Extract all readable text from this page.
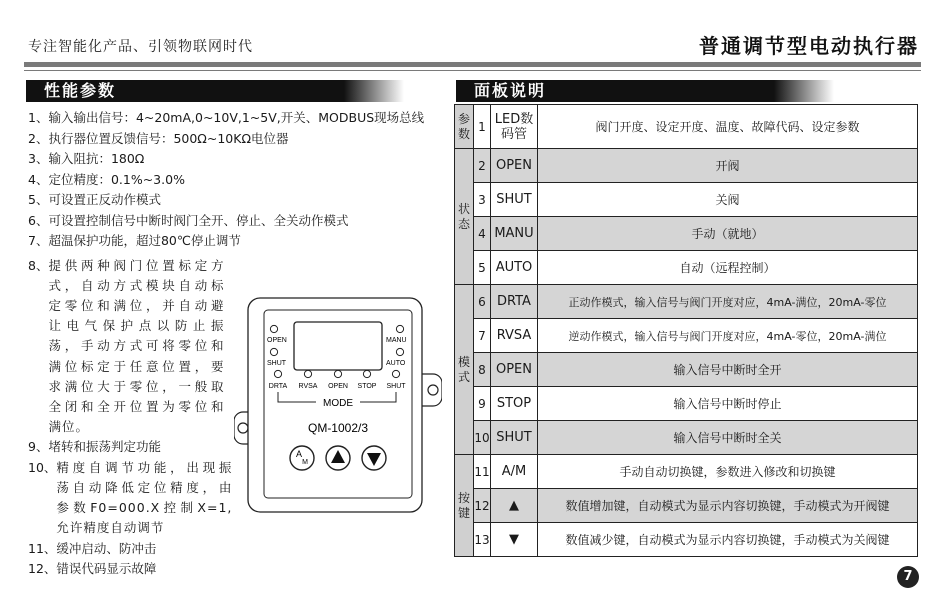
专注智能化产品、引领物联网时代	普通调节型电动执行器
性能参数	面板说明
1、输入输出信号：4~20mA,0~10V,1~5V,开关、MODBUS现场总线
2、执行器位置反馈信号：500Ω~10KΩ电位器
3、输入阻抗：180Ω
4、定位精度：0.1%~3.0%
5、可设置正反动作模式
6、可设置控制信号中断时阀门全开、停止、全关动作模式
7、超温保护功能，超过80℃停止调节
8、 提供两种阀门位置标定方
式，自动方式模块自动标
定零位和满位，并自动避
让电气保护点以防止振
荡，手动方式可将零位和
满位标定于任意位置，要
求满位大于零位，一般取
全闭和全开位置为零位和
满位。
9、堵转和振荡判定功能
10、 精度自调节功能，出现振
荡自动降低定位精度，由
参数F0=000.X控制X=1,
允许精度自动调节
11、缓冲启动、防冲击
12、错误代码显示故障
OPEN	MANU
SHUT	AUTO
DRTA RVSA OPEN STOP SHUT
MODE
QM-1002/3
A
M
参数	1	LED数码管	阀门开度、设定开度、温度、故障代码、设定参数
状态	2	OPEN	开阀
	3	SHUT	关阀
	4	MANU	手动（就地）
	5	AUTO	自动（远程控制）
模式	6	DRTA	正动作模式，输入信号与阀门开度对应，4mA-满位，20mA-零位
	7	RVSA	逆动作模式，输入信号与阀门开度对应，4mA-零位，20mA-满位
	8	OPEN	输入信号中断时全开
	9	STOP	输入信号中断时停止
	10	SHUT	输入信号中断时全关
按键	11	A/M	手动自动切换键，参数进入修改和切换键
	12	▲	数值增加键，自动模式为显示内容切换键，手动模式为开阀键
	13	▼	数值减少键，自动模式为显示内容切换键，手动模式为关阀键
7
